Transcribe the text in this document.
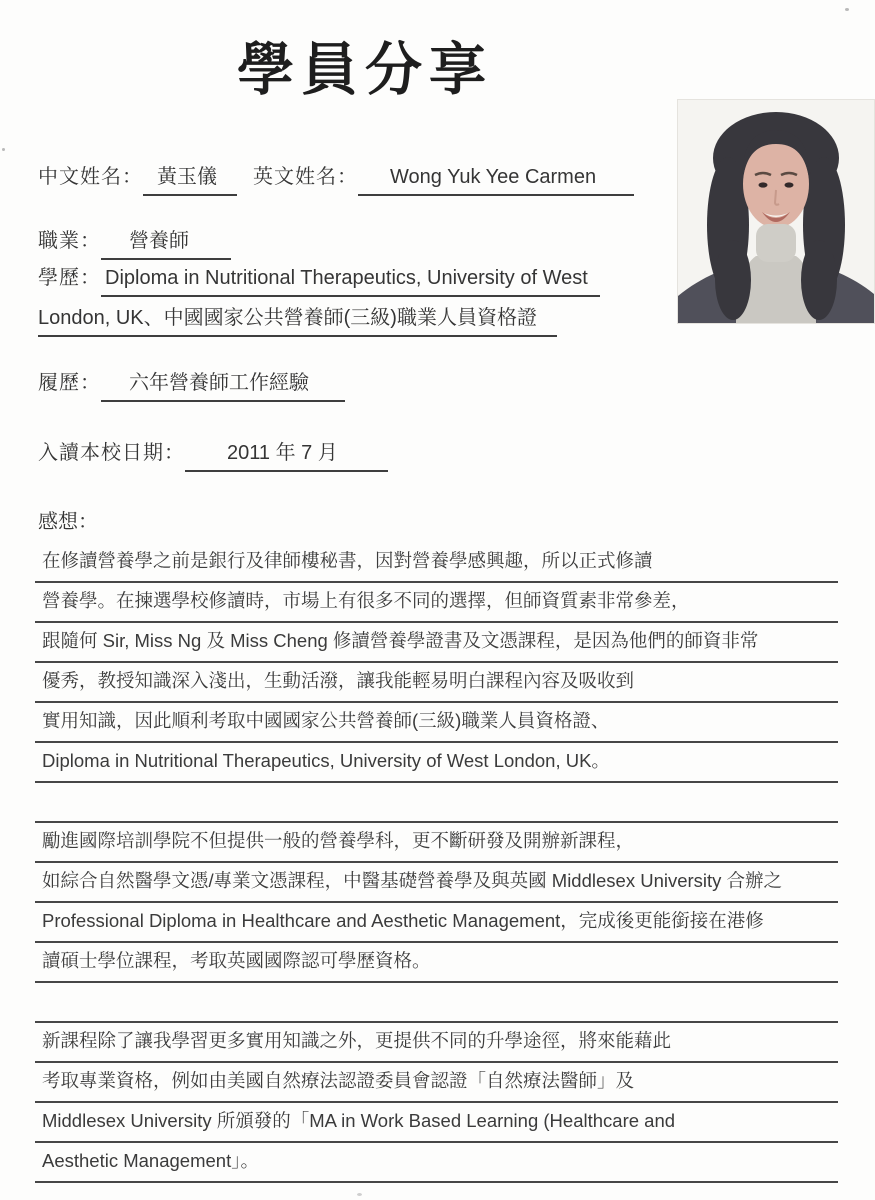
學員分享
中文姓名： 黃玉儀 英文姓名： Wong Yuk Yee Carmen
職業： 營養師
學歷： Diploma in Nutritional Therapeutics, University of West
London, UK、中國國家公共營養師(三級)職業人員資格證
履歷： 六年營養師工作經驗
入讀本校日期： 2011 年 7 月
感想：
在修讀營養學之前是銀行及律師樓秘書，因對營養學感興趣，所以正式修讀
營養學。在揀選學校修讀時，市場上有很多不同的選擇，但師資質素非常參差，
跟隨何 Sir, Miss Ng 及 Miss Cheng 修讀營養學證書及文憑課程，是因為他們的師資非常
優秀，教授知識深入淺出，生動活潑，讓我能輕易明白課程內容及吸收到
實用知識，因此順利考取中國國家公共營養師(三級)職業人員資格證、
Diploma in Nutritional Therapeutics, University of West London, UK。
勵進國際培訓學院不但提供一般的營養學科，更不斷研發及開辦新課程，
如綜合自然醫學文憑/專業文憑課程，中醫基礎營養學及與英國 Middlesex University 合辦之
Professional Diploma in Healthcare and Aesthetic Management，完成後更能銜接在港修
讀碩士學位課程，考取英國國際認可學歷資格。
新課程除了讓我學習更多實用知識之外，更提供不同的升學途徑，將來能藉此
考取專業資格，例如由美國自然療法認證委員會認證「自然療法醫師」及
Middlesex University 所頒發的「MA in Work Based Learning (Healthcare and
Aesthetic Management」。
